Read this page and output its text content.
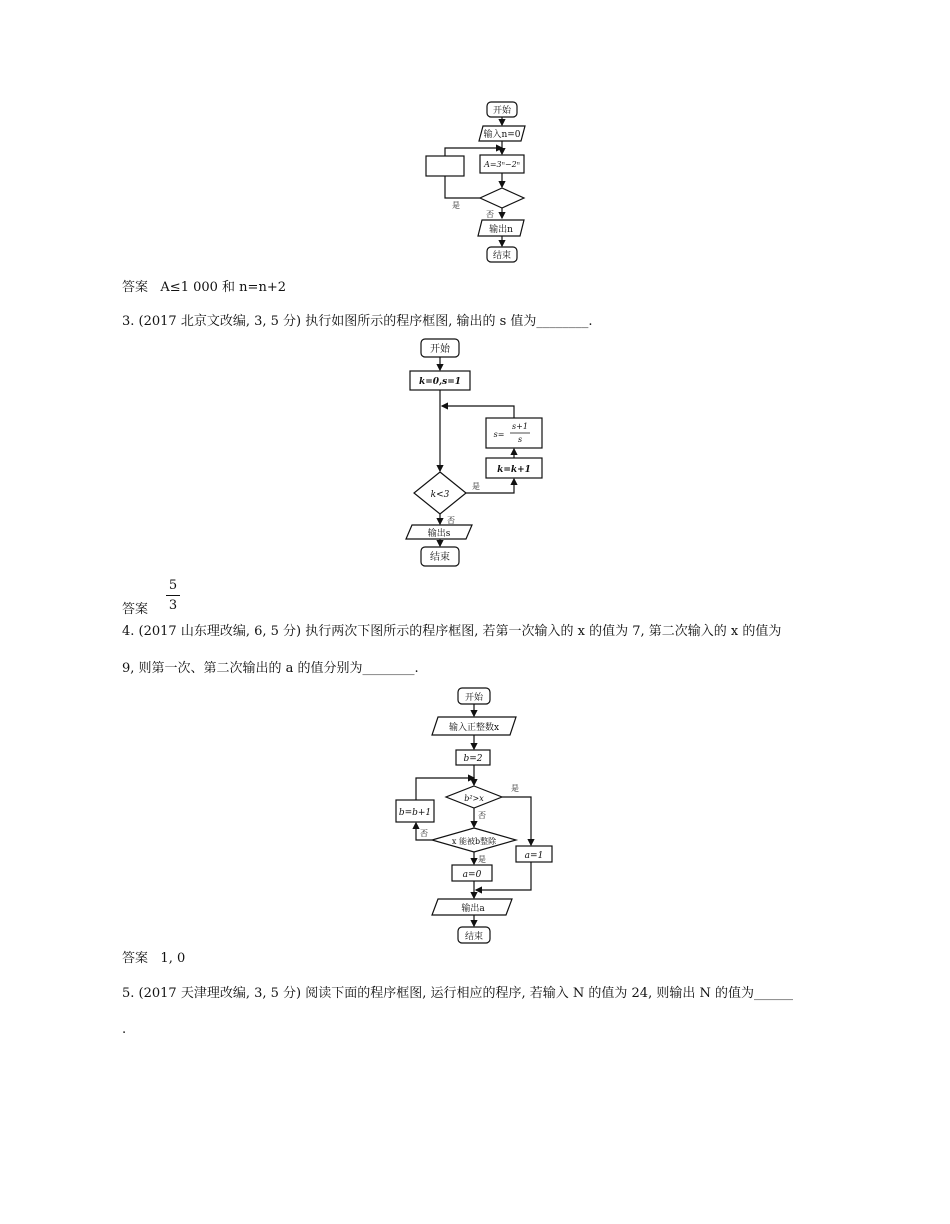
开始
输入n=0
A=3ⁿ−2ⁿ
是
否
输出n
结束
答案 A≤1 000 和 n=n+2
3. (2017 北京文改编, 3, 5 分) 执行如图所示的程序框图, 输出的 s 值为________.
开始
k=0,s=1
s=
s+1
s
k=k+1
k<3
是
否
输出s
结束
答案
5
3
4. (2017 山东理改编, 6, 5 分) 执行两次下图所示的程序框图, 若第一次输入的 x 的值为 7, 第二次输入的 x 的值为
9, 则第一次、第二次输出的 a 的值分别为________.
开始
输入正整数x
b=2
b²>x
是
否
b=b+1
x 能被b整除
否
是
a=0
a=1
输出a
结束
答案 1, 0
5. (2017 天津理改编, 3, 5 分) 阅读下面的程序框图, 运行相应的程序, 若输入 N 的值为 24, 则输出 N 的值为______
.
